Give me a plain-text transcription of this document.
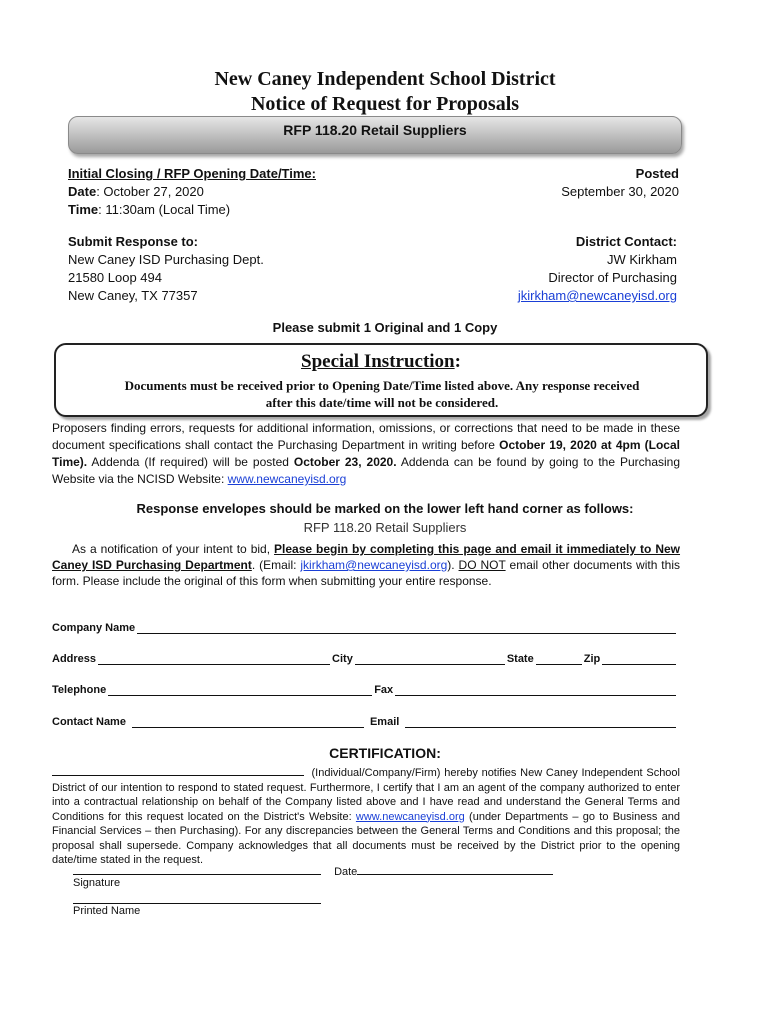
New Caney Independent School District
Notice of Request for Proposals
RFP 118.20 Retail Suppliers
Initial Closing / RFP Opening Date/Time:
Date: October 27, 2020
Time: 11:30am (Local Time)
Posted
September 30, 2020
Submit Response to:
New Caney ISD Purchasing Dept.
21580 Loop 494
New Caney, TX 77357
District Contact:
JW Kirkham
Director of Purchasing
jkirkham@newcaneyisd.org
Please submit 1 Original and 1 Copy
Special Instruction:
Documents must be received prior to Opening Date/Time listed above. Any response received
after this date/time will not be considered.
Proposers finding errors, requests for additional information, omissions, or corrections that need to be made in these document specifications shall contact the Purchasing Department in writing before October 19, 2020 at 4pm (Local Time). Addenda (If required) will be posted October 23, 2020. Addenda can be found by going to the Purchasing Website via the NCISD Website: www.newcaneyisd.org
Response envelopes should be marked on the lower left hand corner as follows:
RFP 118.20 Retail Suppliers
As a notification of your intent to bid, Please begin by completing this page and email it immediately to New Caney ISD Purchasing Department. (Email: jkirkham@newcaneyisd.org). DO NOT email other documents with this form. Please include the original of this form when submitting your entire response.
Company Name
Address	City	State	Zip
Telephone	Fax
Contact Name	Email
CERTIFICATION:
(Individual/Company/Firm) hereby notifies New Caney Independent School District of our intention to respond to stated request. Furthermore, I certify that I am an agent of the company authorized to enter into a contractual relationship on behalf of the Company listed above and I have read and understand the General Terms and Conditions for this request located on the District's Website: www.newcaneyisd.org (under Departments – go to Business and Financial Services – then Purchasing). For any discrepancies between the General Terms and Conditions and this proposal; the proposal shall supersede. Company acknowledges that all documents must be received by the District prior to the opening date/time stated in the request.
Date
Signature
Printed Name
